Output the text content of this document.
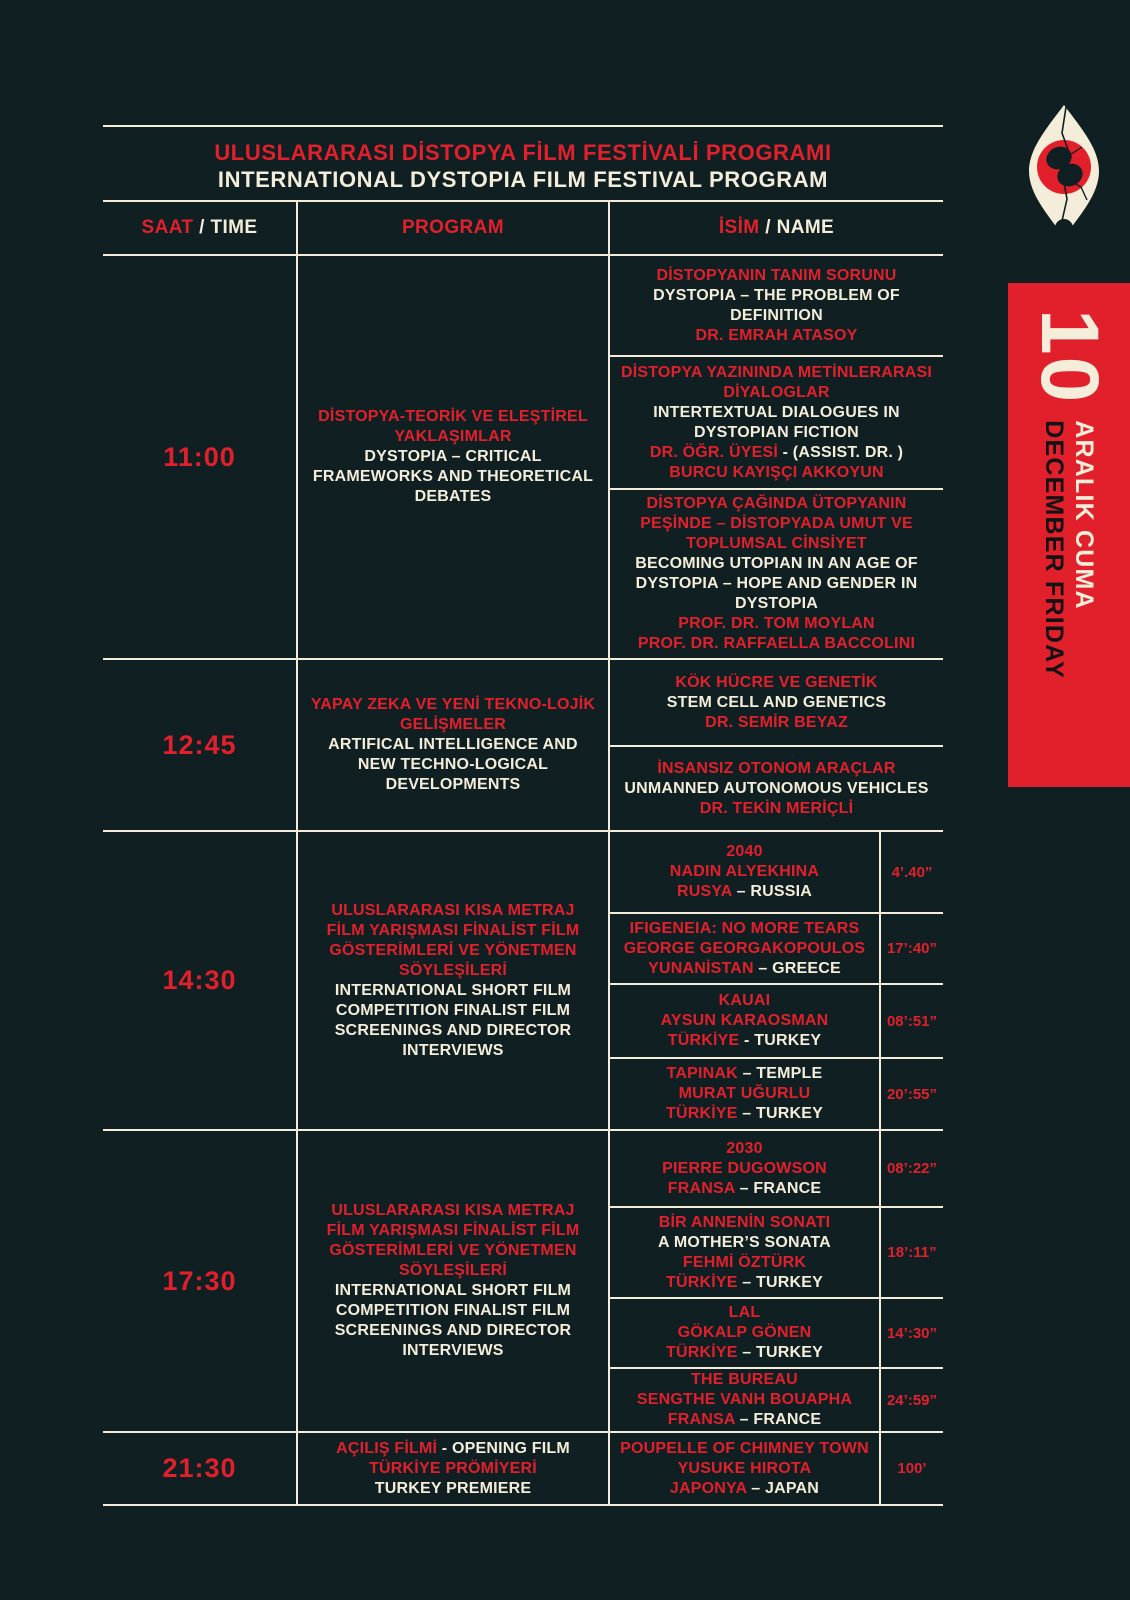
10
ARALIK CUMA
DECEMBER FRIDAY
ULUSLARARASI DİSTOPYA FİLM FESTİVALİ PROGRAMI
INTERNATIONAL DYSTOPIA FILM FESTIVAL PROGRAM
SAAT / TIME	PROGRAM	İSİM / NAME
11:00
DİSTOPYA-TEORİK VE ELEŞTİREL YAKLAŞIMLAR
DYSTOPIA – CRITICAL FRAMEWORKS AND THEORETICAL DEBATES
DİSTOPYANIN TANIM SORUNU
DYSTOPIA – THE PROBLEM OF DEFINITION
DR. EMRAH ATASOY
DİSTOPYA YAZININDA METİNLERARASI DİYALOGLAR
INTERTEXTUAL DIALOGUES IN DYSTOPIAN FICTION
DR. ÖĞR. ÜYESİ - (ASSIST. DR. )
BURCU KAYIŞÇI AKKOYUN
DİSTOPYA ÇAĞINDA ÜTOPYANIN PEŞİNDE – DİSTOPYADA UMUT VE TOPLUMSAL CİNSİYET
BECOMING UTOPIAN IN AN AGE OF DYSTOPIA – HOPE AND GENDER IN DYSTOPIA
PROF. DR. TOM MOYLAN
PROF. DR. RAFFAELLA BACCOLINI
12:45
YAPAY ZEKA VE YENİ TEKNO-LOJİK GELİŞMELER
ARTIFICAL INTELLIGENCE AND NEW TECHNO-LOGICAL DEVELOPMENTS
KÖK HÜCRE VE GENETİK
STEM CELL AND GENETICS
DR. SEMİR BEYAZ
İNSANSIZ OTONOM ARAÇLAR
UNMANNED AUTONOMOUS VEHICLES
DR. TEKİN MERİÇLİ
14:30
ULUSLARARASI KISA METRAJ FİLM YARIŞMASI FİNALİST FİLM GÖSTERİMLERİ VE YÖNETMEN SÖYLEŞİLERİ
INTERNATIONAL SHORT FILM COMPETITION FINALIST FILM SCREENINGS AND DIRECTOR INTERVIEWS
2040
NADIN ALYEKHINA
RUSYA – RUSSIA
4’.40”
IFIGENEIA: NO MORE TEARS
GEORGE GEORGAKOPOULOS
YUNANİSTAN – GREECE
17’:40”
KAUAI
AYSUN KARAOSMAN
TÜRKİYE - TURKEY
08’:51”
TAPINAK – TEMPLE
MURAT UĞURLU
TÜRKİYE – TURKEY
20’:55”
17:30
ULUSLARARASI KISA METRAJ FİLM YARIŞMASI FİNALİST FİLM GÖSTERİMLERİ VE YÖNETMEN SÖYLEŞİLERİ
INTERNATIONAL SHORT FILM COMPETITION FINALIST FILM SCREENINGS AND DIRECTOR INTERVIEWS
2030
PIERRE DUGOWSON
FRANSA – FRANCE
08’:22”
BİR ANNENİN SONATI
A MOTHER’S SONATA
FEHMİ ÖZTÜRK
TÜRKİYE – TURKEY
18’:11”
LAL
GÖKALP GÖNEN
TÜRKİYE – TURKEY
14’:30”
THE BUREAU
SENGTHE VANH BOUAPHA
FRANSA – FRANCE
24’:59”
21:30
AÇILIŞ FİLMİ - OPENING FILM
TÜRKİYE PRÖMİYERİ
TURKEY PREMIERE
POUPELLE OF CHIMNEY TOWN
YUSUKE HIROTA
JAPONYA – JAPAN
100’
